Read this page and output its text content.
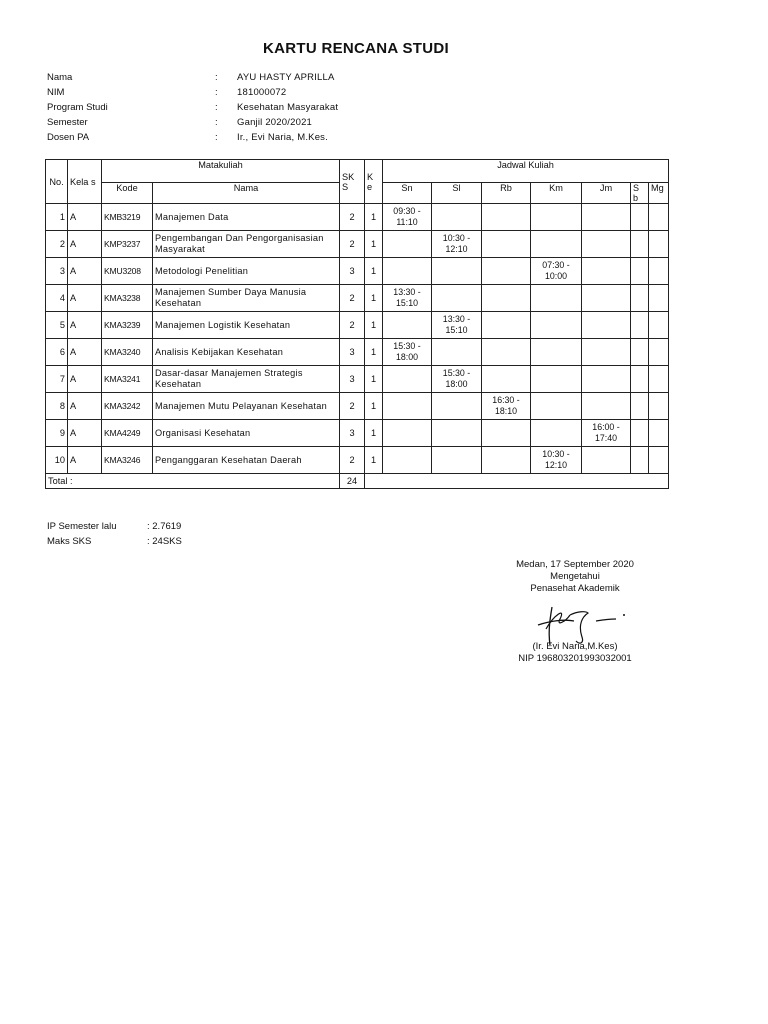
KARTU RENCANA STUDI
Nama	:	AYU HASTY APRILLA
NIM	:	181000072
Program Studi	:	Kesehatan Masyarakat
Semester	:	Ganjil 2020/2021
Dosen PA	:	Ir., Evi Naria, M.Kes.
No.	Kela s	Matakuliah		SK S	K e	Jadwal Kuliah						
		Kode	Nama			Sn	Sl	Rb	Km	Jm	S b	Mg
1	A	KMB3219	Manajemen Data	2	1	09:30 - 11:10						
2	A	KMP3237	Pengembangan Dan Pengorganisasian Masyarakat	2	1		10:30 - 12:10					
3	A	KMU3208	Metodologi Penelitian	3	1				07:30 - 10:00			
4	A	KMA3238	Manajemen Sumber Daya Manusia Kesehatan	2	1	13:30 - 15:10						
5	A	KMA3239	Manajemen Logistik Kesehatan	2	1		13:30 - 15:10					
6	A	KMA3240	Analisis Kebijakan Kesehatan	3	1	15:30 - 18:00						
7	A	KMA3241	Dasar-dasar Manajemen Strategis Kesehatan	3	1		15:30 - 18:00					
8	A	KMA3242	Manajemen Mutu Pelayanan Kesehatan	2	1			16:30 - 18:10				
9	A	KMA4249	Organisasi Kesehatan	3	1					16:00 - 17:40		
10	A	KMA3246	Penganggaran Kesehatan Daerah	2	1				10:30 - 12:10			
Total :				24								
IP Semester lalu	: 2.7619
Maks SKS	: 24SKS
Medan, 17 September 2020
Mengetahui
Penasehat Akademik
(Ir. Evi Naria,M.Kes)
NIP 196803201993032001
